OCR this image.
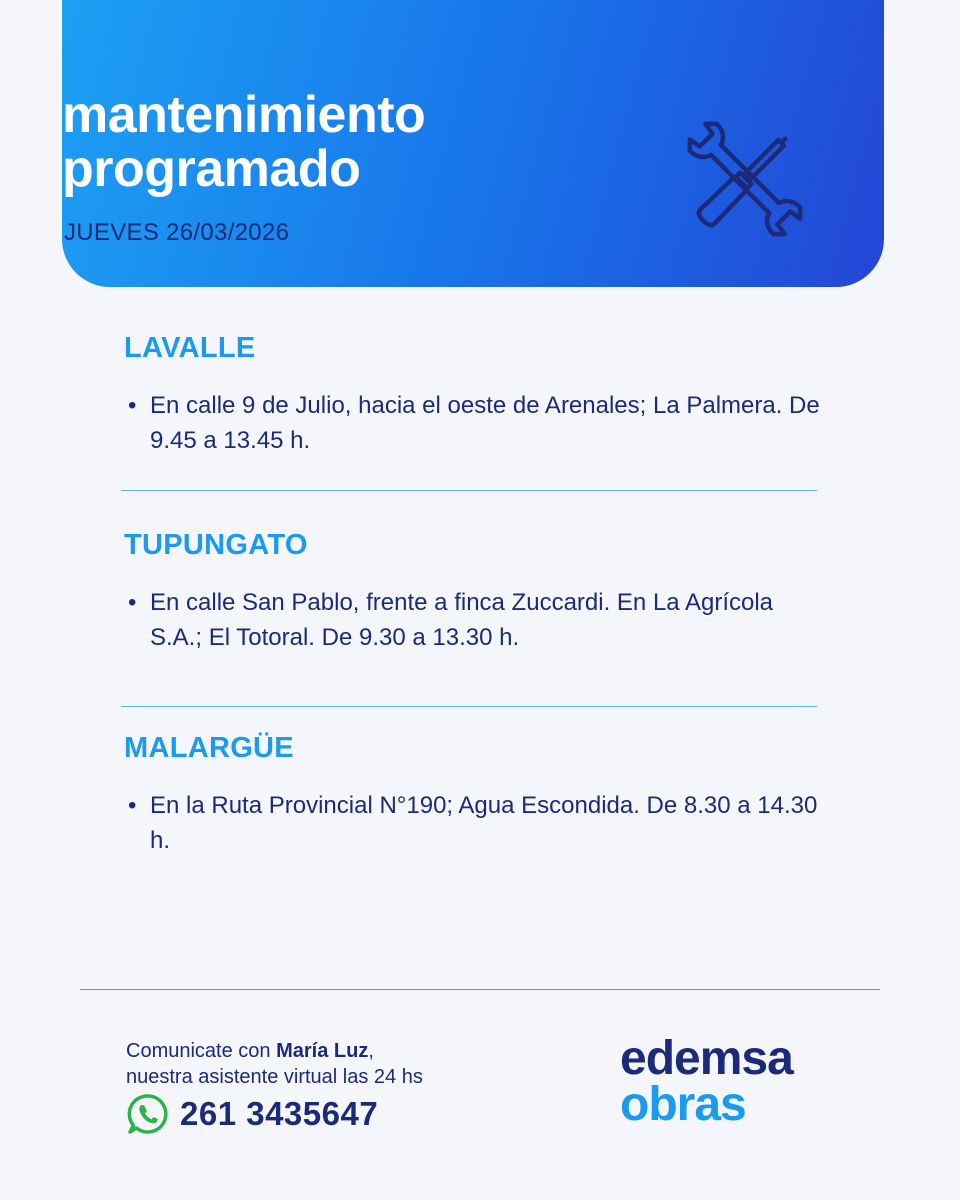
mantenimiento
programado
JUEVES 26/03/2026
LAVALLE
• En calle 9 de Julio, hacia el oeste de Arenales; La Palmera. De 9.45 a 13.45 h.
TUPUNGATO
• En calle San Pablo, frente a finca Zuccardi. En La Agrícola S.A.; El Totoral. De 9.30 a 13.30 h.
MALARGÜE
• En la Ruta Provincial N°190; Agua Escondida. De 8.30 a 14.30 h.
Comunicate con María Luz,
nuestra asistente virtual las 24 hs
261 3435647
edemsa
obras
